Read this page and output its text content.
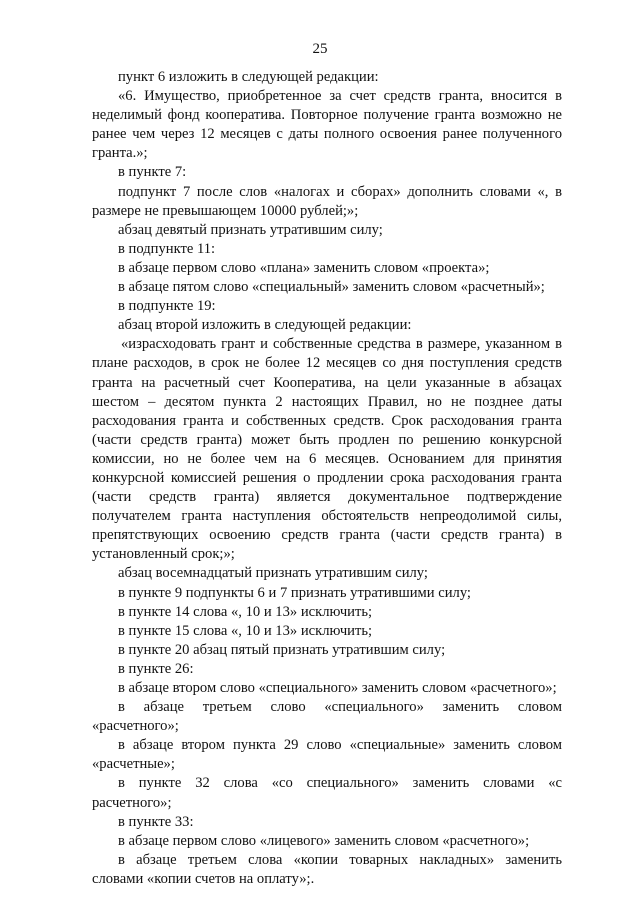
25

пункт 6 изложить в следующей редакции:

«6. Имущество, приобретенное за счет средств гранта, вносится в неделимый фонд кооператива. Повторное получение гранта возможно не ранее чем через 12 месяцев с даты полного освоения ранее полученного гранта.»;

в пункте 7:

подпункт 7 после слов «налогах и сборах» дополнить словами «, в размере не превышающем 10000 рублей;»;

абзац девятый признать утратившим силу;

в подпункте 11:

в абзаце первом слово «плана» заменить словом «проекта»;

в абзаце пятом слово «специальный» заменить словом «расчетный»;

в подпункте 19:

абзац второй изложить в следующей редакции:

«израсходовать грант и собственные средства в размере, указанном в плане расходов, в срок не более 12 месяцев со дня поступления средств гранта на расчетный счет Кооператива, на цели указанные в абзацах шестом – десятом пункта 2 настоящих Правил, но не позднее даты расходования гранта и собственных средств. Срок расходования гранта (части средств гранта) может быть продлен по решению конкурсной комиссии, но не более чем на 6 месяцев. Основанием для принятия конкурсной комиссией решения о продлении срока расходования гранта (части средств гранта) является документальное подтверждение получателем гранта наступления обстоятельств непреодолимой силы, препятствующих освоению средств гранта (части средств гранта) в установленный срок;»;

абзац восемнадцатый признать утратившим силу;

в пункте 9 подпункты 6 и 7 признать утратившими силу;

в пункте 14 слова «, 10 и 13» исключить;

в пункте 15 слова «, 10 и 13» исключить;

в пункте 20 абзац пятый признать утратившим силу;

в пункте 26:

в абзаце втором слово «специального» заменить словом «расчетного»;

в абзаце третьем слово «специального» заменить словом «расчетного»;

в абзаце втором пункта 29 слово «специальные» заменить словом «расчетные»;

в пункте 32 слова «со специального» заменить словами «с расчетного»;

в пункте 33:

в абзаце первом слово «лицевого» заменить словом «расчетного»;

в абзаце третьем слова «копии товарных накладных» заменить словами «копии счетов на оплату»;.
